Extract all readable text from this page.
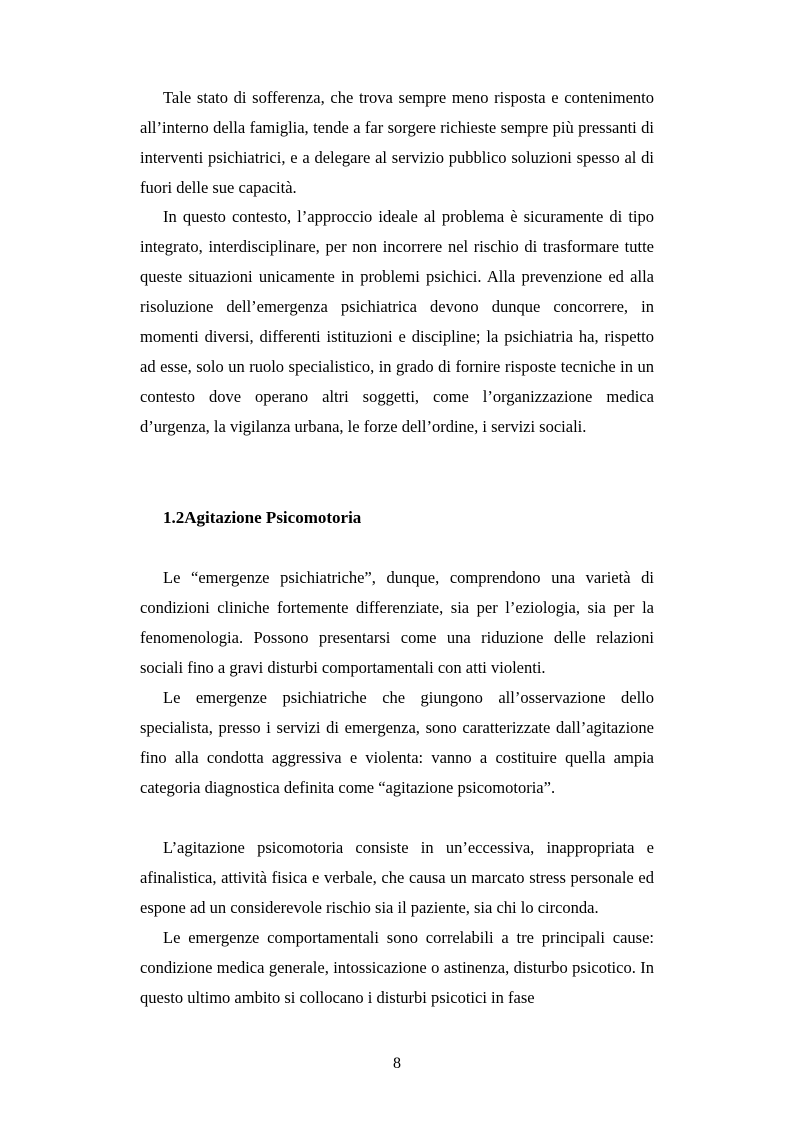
Tale stato di sofferenza, che trova sempre meno risposta e contenimento all’interno della famiglia, tende a far sorgere richieste sempre più pressanti di interventi psichiatrici, e a delegare al servizio pubblico soluzioni spesso al di fuori delle sue capacità.

In questo contesto, l’approccio ideale al problema è sicuramente di tipo integrato, interdisciplinare, per non incorrere nel rischio di trasformare tutte queste situazioni unicamente in problemi psichici. Alla prevenzione ed alla risoluzione dell’emergenza psichiatrica devono dunque concorrere, in momenti diversi, differenti istituzioni e discipline; la psichiatria ha, rispetto ad esse, solo un ruolo specialistico, in grado di fornire risposte tecniche in un contesto dove operano altri soggetti, come l’organizzazione medica d’urgenza, la vigilanza urbana, le forze dell’ordine, i servizi sociali.

1.2Agitazione Psicomotoria

Le “emergenze psichiatriche”, dunque, comprendono una varietà di condizioni cliniche fortemente differenziate, sia per l’eziologia, sia per la fenomenologia. Possono presentarsi come una riduzione delle relazioni sociali fino a gravi disturbi comportamentali con atti violenti.

Le emergenze psichiatriche che giungono all’osservazione dello specialista, presso i servizi di emergenza, sono caratterizzate dall’agitazione fino alla condotta aggressiva e violenta: vanno a costituire quella ampia categoria diagnostica definita come “agitazione psicomotoria”.

L’agitazione psicomotoria consiste in un’eccessiva, inappropriata e afinalistica, attività fisica e verbale, che causa un marcato stress personale ed espone ad un considerevole rischio sia il paziente, sia chi lo circonda.

Le emergenze comportamentali sono correlabili a tre principali cause: condizione medica generale, intossicazione o astinenza, disturbo psicotico. In questo ultimo ambito si collocano i disturbi psicotici in fase

8
